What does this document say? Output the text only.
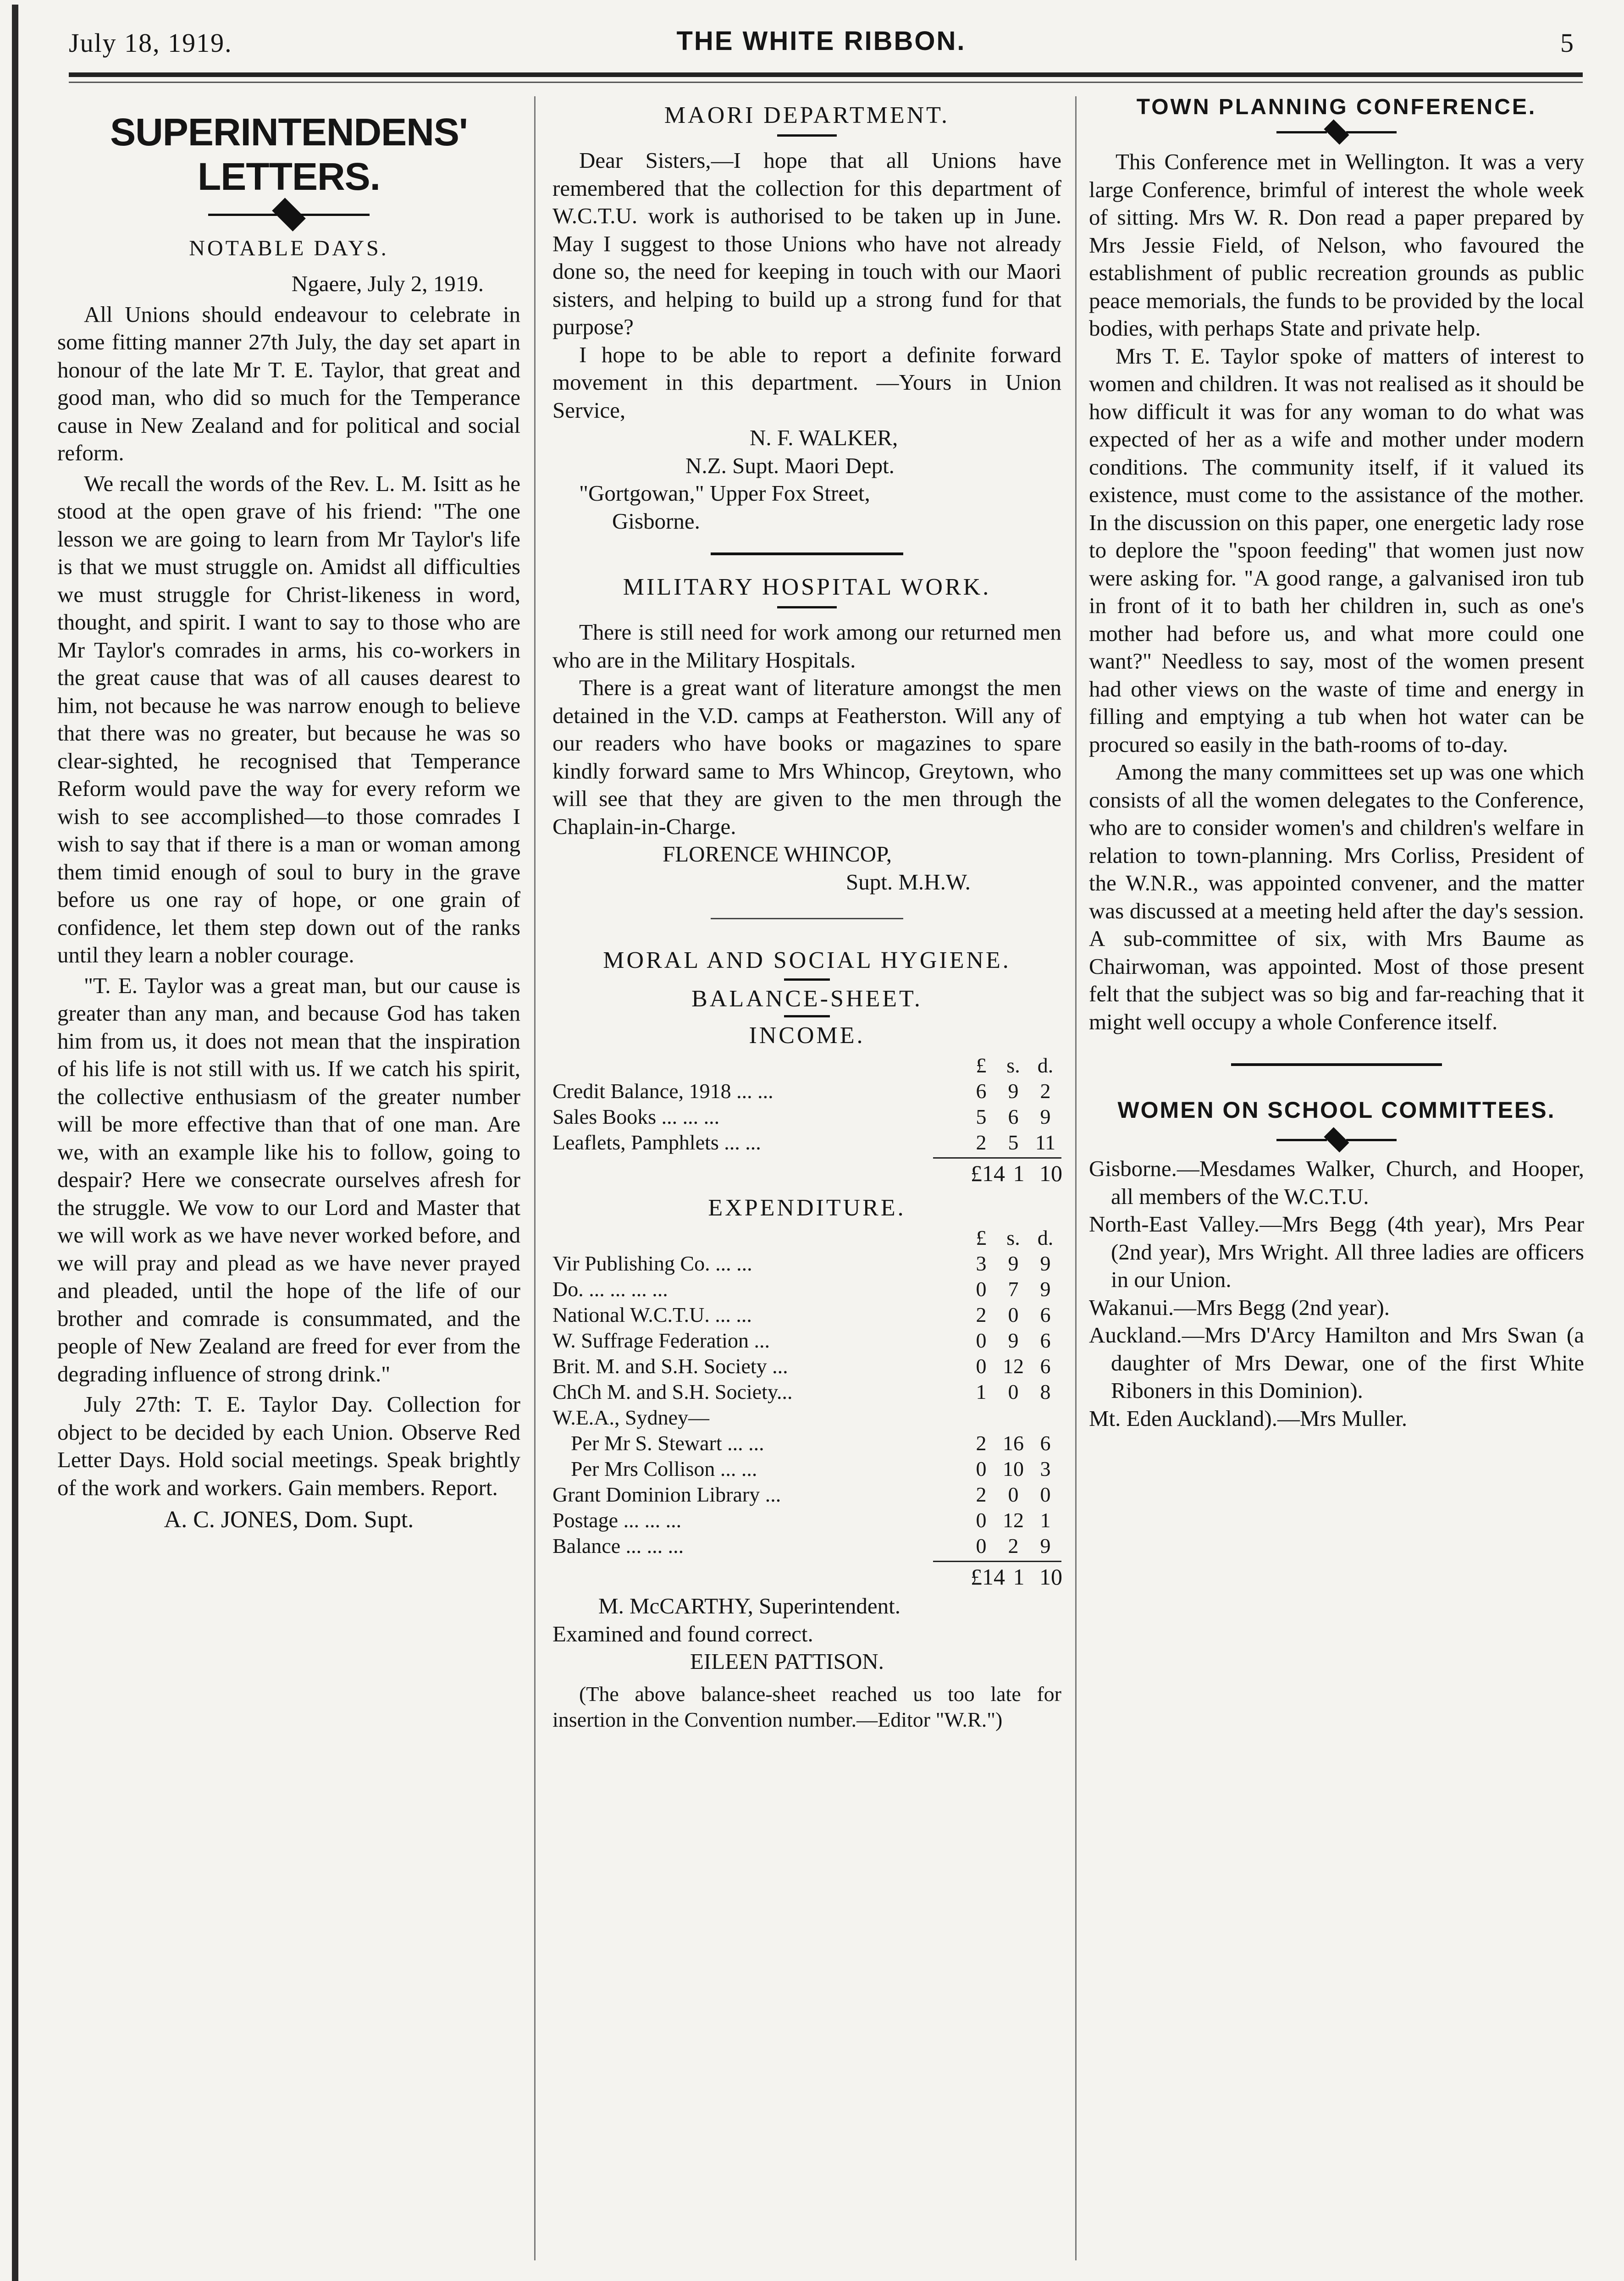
July 18, 1919.	THE WHITE RIBBON.	5
SUPERINTENDENS' LETTERS.
NOTABLE DAYS.

Ngaere, July 2, 1919.

All Unions should endeavour to celebrate in some fitting manner 27th July, the day set apart in honour of the late Mr T. E. Taylor, that great and good man, who did so much for the Temperance cause in New Zealand and for political and social reform.

We recall the words of the Rev. L. M. Isitt as he stood at the open grave of his friend: "The one lesson we are going to learn from Mr Taylor's life is that we must struggle on. Amidst all difficulties we must struggle for Christ-likeness in word, thought, and spirit. I want to say to those who are Mr Taylor's comrades in arms, his co-workers in the great cause that was of all causes dearest to him, not because he was narrow enough to believe that there was no greater, but because he was so clear-sighted, he recognised that Temperance Reform would pave the way for every reform we wish to see accomplished—to those comrades I wish to say that if there is a man or woman among them timid enough of soul to bury in the grave before us one ray of hope, or one grain of confidence, let them step down out of the ranks until they learn a nobler courage.

"T. E. Taylor was a great man, but our cause is greater than any man, and because God has taken him from us, it does not mean that the inspiration of his life is not still with us. If we catch his spirit, the collective enthusiasm of the greater number will be more effective than that of one man. Are we, with an example like his to follow, going to despair? Here we consecrate ourselves afresh for the struggle. We vow to our Lord and Master that we will work as we have never worked before, and we will pray and plead as we have never prayed and pleaded, until the hope of the life of our brother and comrade is consummated, and the people of New Zealand are freed for ever from the degrading influence of strong drink."

July 27th: T. E. Taylor Day. Collection for object to be decided by each Union. Observe Red Letter Days. Hold social meetings. Speak brightly of the work and workers. Gain members. Report.

A. C. JONES, Dom. Supt.

MAORI DEPARTMENT.

Dear Sisters,—I hope that all Unions have remembered that the collection for this department of W.C.T.U. work is authorised to be taken up in June. May I suggest to those Unions who have not already done so, the need for keeping in touch with our Maori sisters, and helping to build up a strong fund for that purpose?

I hope to be able to report a definite forward movement in this department. —Yours in Union Service,

N. F. WALKER,

N.Z. Supt. Maori Dept.

"Gortgowan," Upper Fox Street,

Gisborne.

MILITARY HOSPITAL WORK.

There is still need for work among our returned men who are in the Military Hospitals.

There is a great want of literature amongst the men detained in the V.D. camps at Featherston. Will any of our readers who have books or magazines to spare kindly forward same to Mrs Whincop, Greytown, who will see that they are given to the men through the Chaplain-in-Charge.

FLORENCE WHINCOP,

Supt. M.H.W.

MORAL AND SOCIAL HYGIENE.
BALANCE-SHEET.
INCOME.
£ s. d.
Credit Balance, 1918 ... ...	6	9	2
Sales Books ... ... ...	5	6	9
Leaflets, Pamphlets ... ...	2	5 11
£14 1 10
EXPENDITURE.
£ s. d.
Vir Publishing Co. ... ...	3	9	9
Do. ... ... ... ...	0	7	9
National W.C.T.U. ... ...	2	0	6
W. Suffrage Federation ...	0	9	6
Brit. M. and S.H. Society ...	0 12 6
ChCh M. and S.H. Society...	1	0	8
W.E.A., Sydney—
Per Mr S. Stewart ... ...	2 16 6
Per Mrs Collison ... ...	0 10 3
Grant Dominion Library ...	2	0	0
Postage ... ... ...	0 12 1
Balance ... ... ...	0	2	9
£14 1 10

M. McCARTHY, Superintendent.

Examined and found correct.

EILEEN PATTISON.

(The above balance-sheet reached us too late for insertion in the Convention number.—Editor "W.R.")

TOWN PLANNING CONFERENCE.

This Conference met in Wellington. It was a very large Conference, brimful of interest the whole week of sitting. Mrs W. R. Don read a paper prepared by Mrs Jessie Field, of Nelson, who favoured the establishment of public recreation grounds as public peace memorials, the funds to be provided by the local bodies, with perhaps State and private help.

Mrs T. E. Taylor spoke of matters of interest to women and children. It was not realised as it should be how difficult it was for any woman to do what was expected of her as a wife and mother under modern conditions. The community itself, if it valued its existence, must come to the assistance of the mother. In the discussion on this paper, one energetic lady rose to deplore the "spoon feeding" that women just now were asking for. "A good range, a galvanised iron tub in front of it to bath her children in, such as one's mother had before us, and what more could one want?" Needless to say, most of the women present had other views on the waste of time and energy in filling and emptying a tub when hot water can be procured so easily in the bath-rooms of to-day.

Among the many committees set up was one which consists of all the women delegates to the Conference, who are to consider women's and children's welfare in relation to town-planning. Mrs Corliss, President of the W.N.R., was appointed convener, and the matter was discussed at a meeting held after the day's session. A sub-committee of six, with Mrs Baume as Chairwoman, was appointed. Most of those present felt that the subject was so big and far-reaching that it might well occupy a whole Conference itself.

WOMEN ON SCHOOL COMMITTEES.

Gisborne.—Mesdames Walker, Church, and Hooper, all members of the W.C.T.U.

North-East Valley.—Mrs Begg (4th year), Mrs Pear (2nd year), Mrs Wright. All three ladies are officers in our Union.

Wakanui.—Mrs Begg (2nd year).

Auckland.—Mrs D'Arcy Hamilton and Mrs Swan (a daughter of Mrs Dewar, one of the first White Riboners in this Dominion).

Mt. Eden Auckland).—Mrs Muller.
